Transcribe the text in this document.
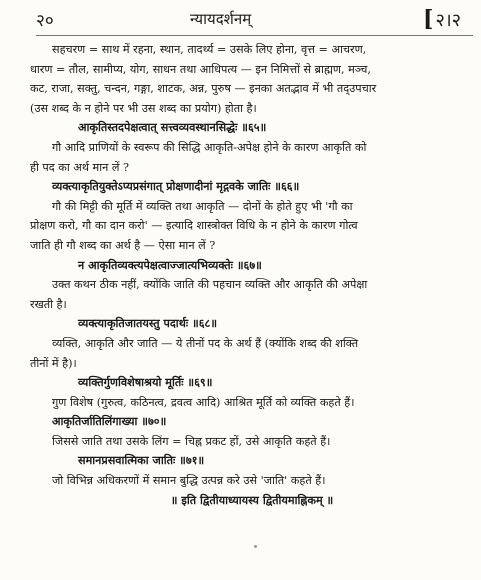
२०	न्यायदर्शनम्	[ २।२
सहचरण = साथ में रहना, स्थान, तादर्थ्य = उसके लिए होना, वृत्त = आचरण,
धारण = तौल, सामीप्य, योग, साधन तथा आधिपत्य — इन निमित्तों से ब्राह्मण, मञ्च,
कट, राजा, सक्तु, चन्दन, गङ्गा, शाटक, अन्न, पुरुष — इनका अतद्भाव में भी तद्उपचार
(उस शब्द के न होने पर भी उस शब्द का प्रयोग) होता है।
आकृतिस्तदपेक्षत्वात् सत्त्वव्यवस्थानसिद्धेः ॥६५॥
गौ आदि प्राणियों के स्वरूप की सिद्धि आकृति-अपेक्ष होने के कारण आकृति को
ही पद का अर्थ मान लें ?
व्यक्त्याकृतियुक्तेऽप्यप्रसंगात् प्रोक्षणादीनां मृद्गवके जातिः ॥६६॥
गौ की मिट्टी की मूर्ति में व्यक्ति तथा आकृति — दोनों के होते हुए भी 'गौ का
प्रोक्षण करो, गौ का दान करो' — इत्यादि शास्त्रोक्त विधि के न होने के कारण गोत्व
जाति ही गौ शब्द का अर्थ है — ऐसा मान लें ?
न आकृतिव्यक्त्यपेक्षत्वाज्जात्यभिव्यक्तेः ॥६७॥
उक्त कथन ठीक नहीं, क्योंकि जाति की पहचान व्यक्ति और आकृति की अपेक्षा
रखती है।
व्यक्त्याकृतिजातयस्तु पदार्थः ॥६८॥
व्यक्ति, आकृति और जाति — ये तीनों पद के अर्थ हैं (क्योंकि शब्द की शक्ति
तीनों में है)।
व्यक्तिर्गुणविशेषाश्रयो मूर्तिः ॥६९॥
गुण विशेष (गुरुत्व, कठिनत्व, द्रवत्व आदि) आश्रित मूर्ति को व्यक्ति कहते हैं।
आकृतिर्जातिलिंगाख्या ॥७०॥
जिससे जाति तथा उसके लिंग = चिह्न प्रकट हों, उसे आकृति कहते हैं।
समानप्रसवात्मिका जातिः ॥७१॥
जो विभिन्न अधिकरणों में समान बुद्धि उत्पन्न करे उसे 'जाति' कहते हैं।
॥ इति द्वितीयाध्यायस्य द्वितीयमाह्निकम् ॥
